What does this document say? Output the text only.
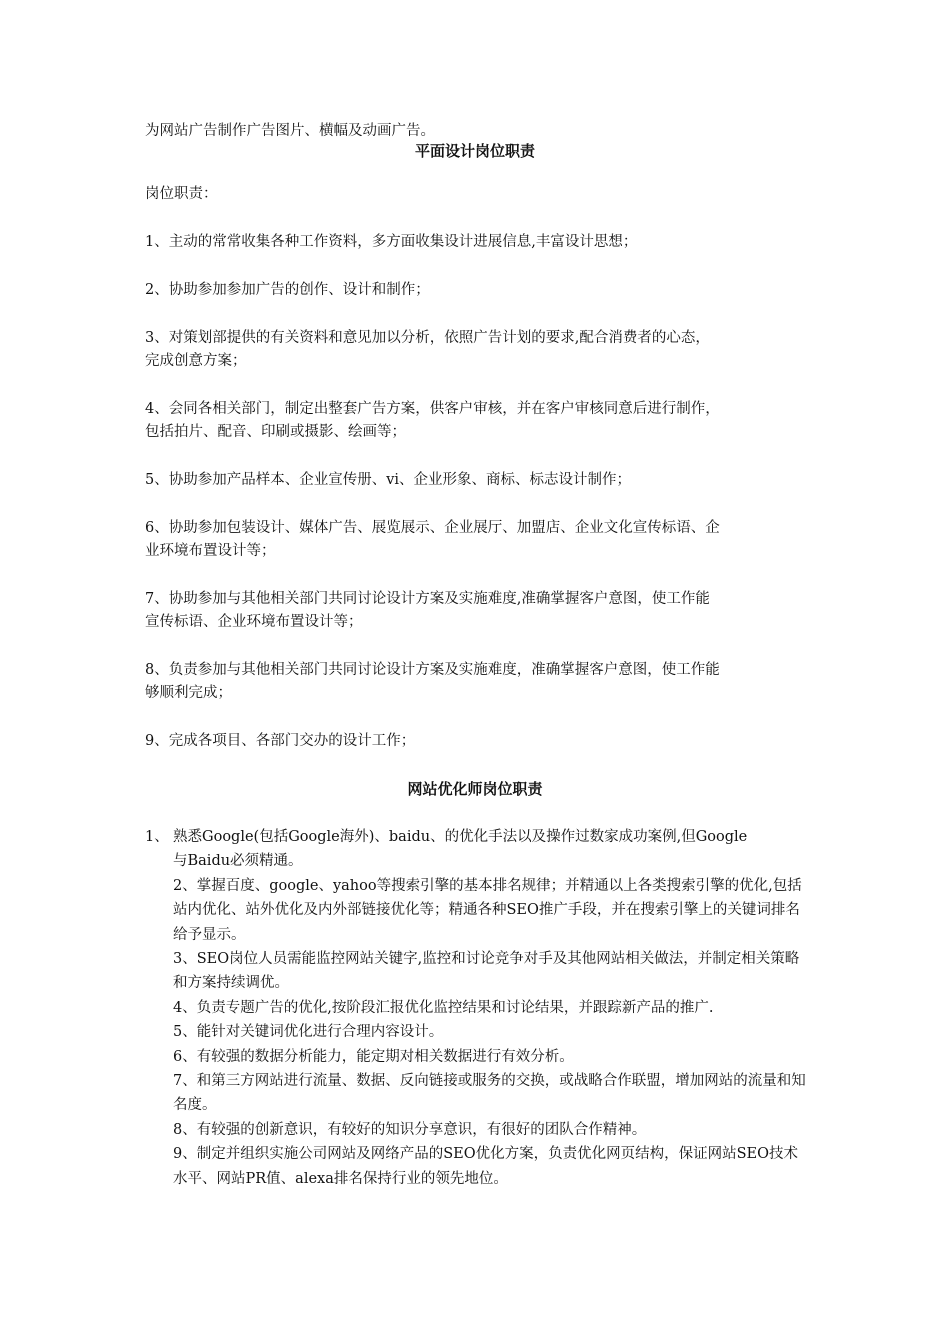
为网站广告制作广告图片、横幅及动画广告。
平面设计岗位职责
岗位职责：
1、主动的常常收集各种工作资料，多方面收集设计进展信息,丰富设计思想；
2、协助参加参加广告的创作、设计和制作；
3、对策划部提供的有关资料和意见加以分析，依照广告计划的要求,配合消费者的心态，
完成创意方案；
4、会同各相关部门，制定出整套广告方案，供客户审核，并在客户审核同意后进行制作，
包括拍片、配音、印刷或摄影、绘画等；
5、协助参加产品样本、企业宣传册、vi、企业形象、商标、标志设计制作；
6、协助参加包装设计、媒体广告、展览展示、企业展厅、加盟店、企业文化宣传标语、企
业环境布置设计等；
7、协助参加与其他相关部门共同讨论设计方案及实施难度,准确掌握客户意图，使工作能
宣传标语、企业环境布置设计等；
8、负责参加与其他相关部门共同讨论设计方案及实施难度，准确掌握客户意图，使工作能
够顺利完成；
9、完成各项目、各部门交办的设计工作；
网站优化师岗位职责
1、 熟悉Google(包括Google海外)、baidu、的优化手法以及操作过数家成功案例,但Google
与Baidu必须精通。
2、掌握百度、google、yahoo等搜索引擎的基本排名规律；并精通以上各类搜索引擎的优化,包括站内优化、站外优化及内外部链接优化等；精通各种SEO推广手段，并在搜索引擎上的关键词排名给予显示。
3、SEO岗位人员需能监控网站关键字,监控和讨论竞争对手及其他网站相关做法，并制定相关策略和方案持续调优。
4、负责专题广告的优化,按阶段汇报优化监控结果和讨论结果，并跟踪新产品的推广.
5、能针对关键词优化进行合理内容设计。
6、有较强的数据分析能力，能定期对相关数据进行有效分析。
7、和第三方网站进行流量、数据、反向链接或服务的交换，或战略合作联盟，增加网站的流量和知名度。
8、有较强的创新意识，有较好的知识分享意识，有很好的团队合作精神。
9、制定并组织实施公司网站及网络产品的SEO优化方案，负责优化网页结构，保证网站SEO技术水平、网站PR值、alexa排名保持行业的领先地位。
